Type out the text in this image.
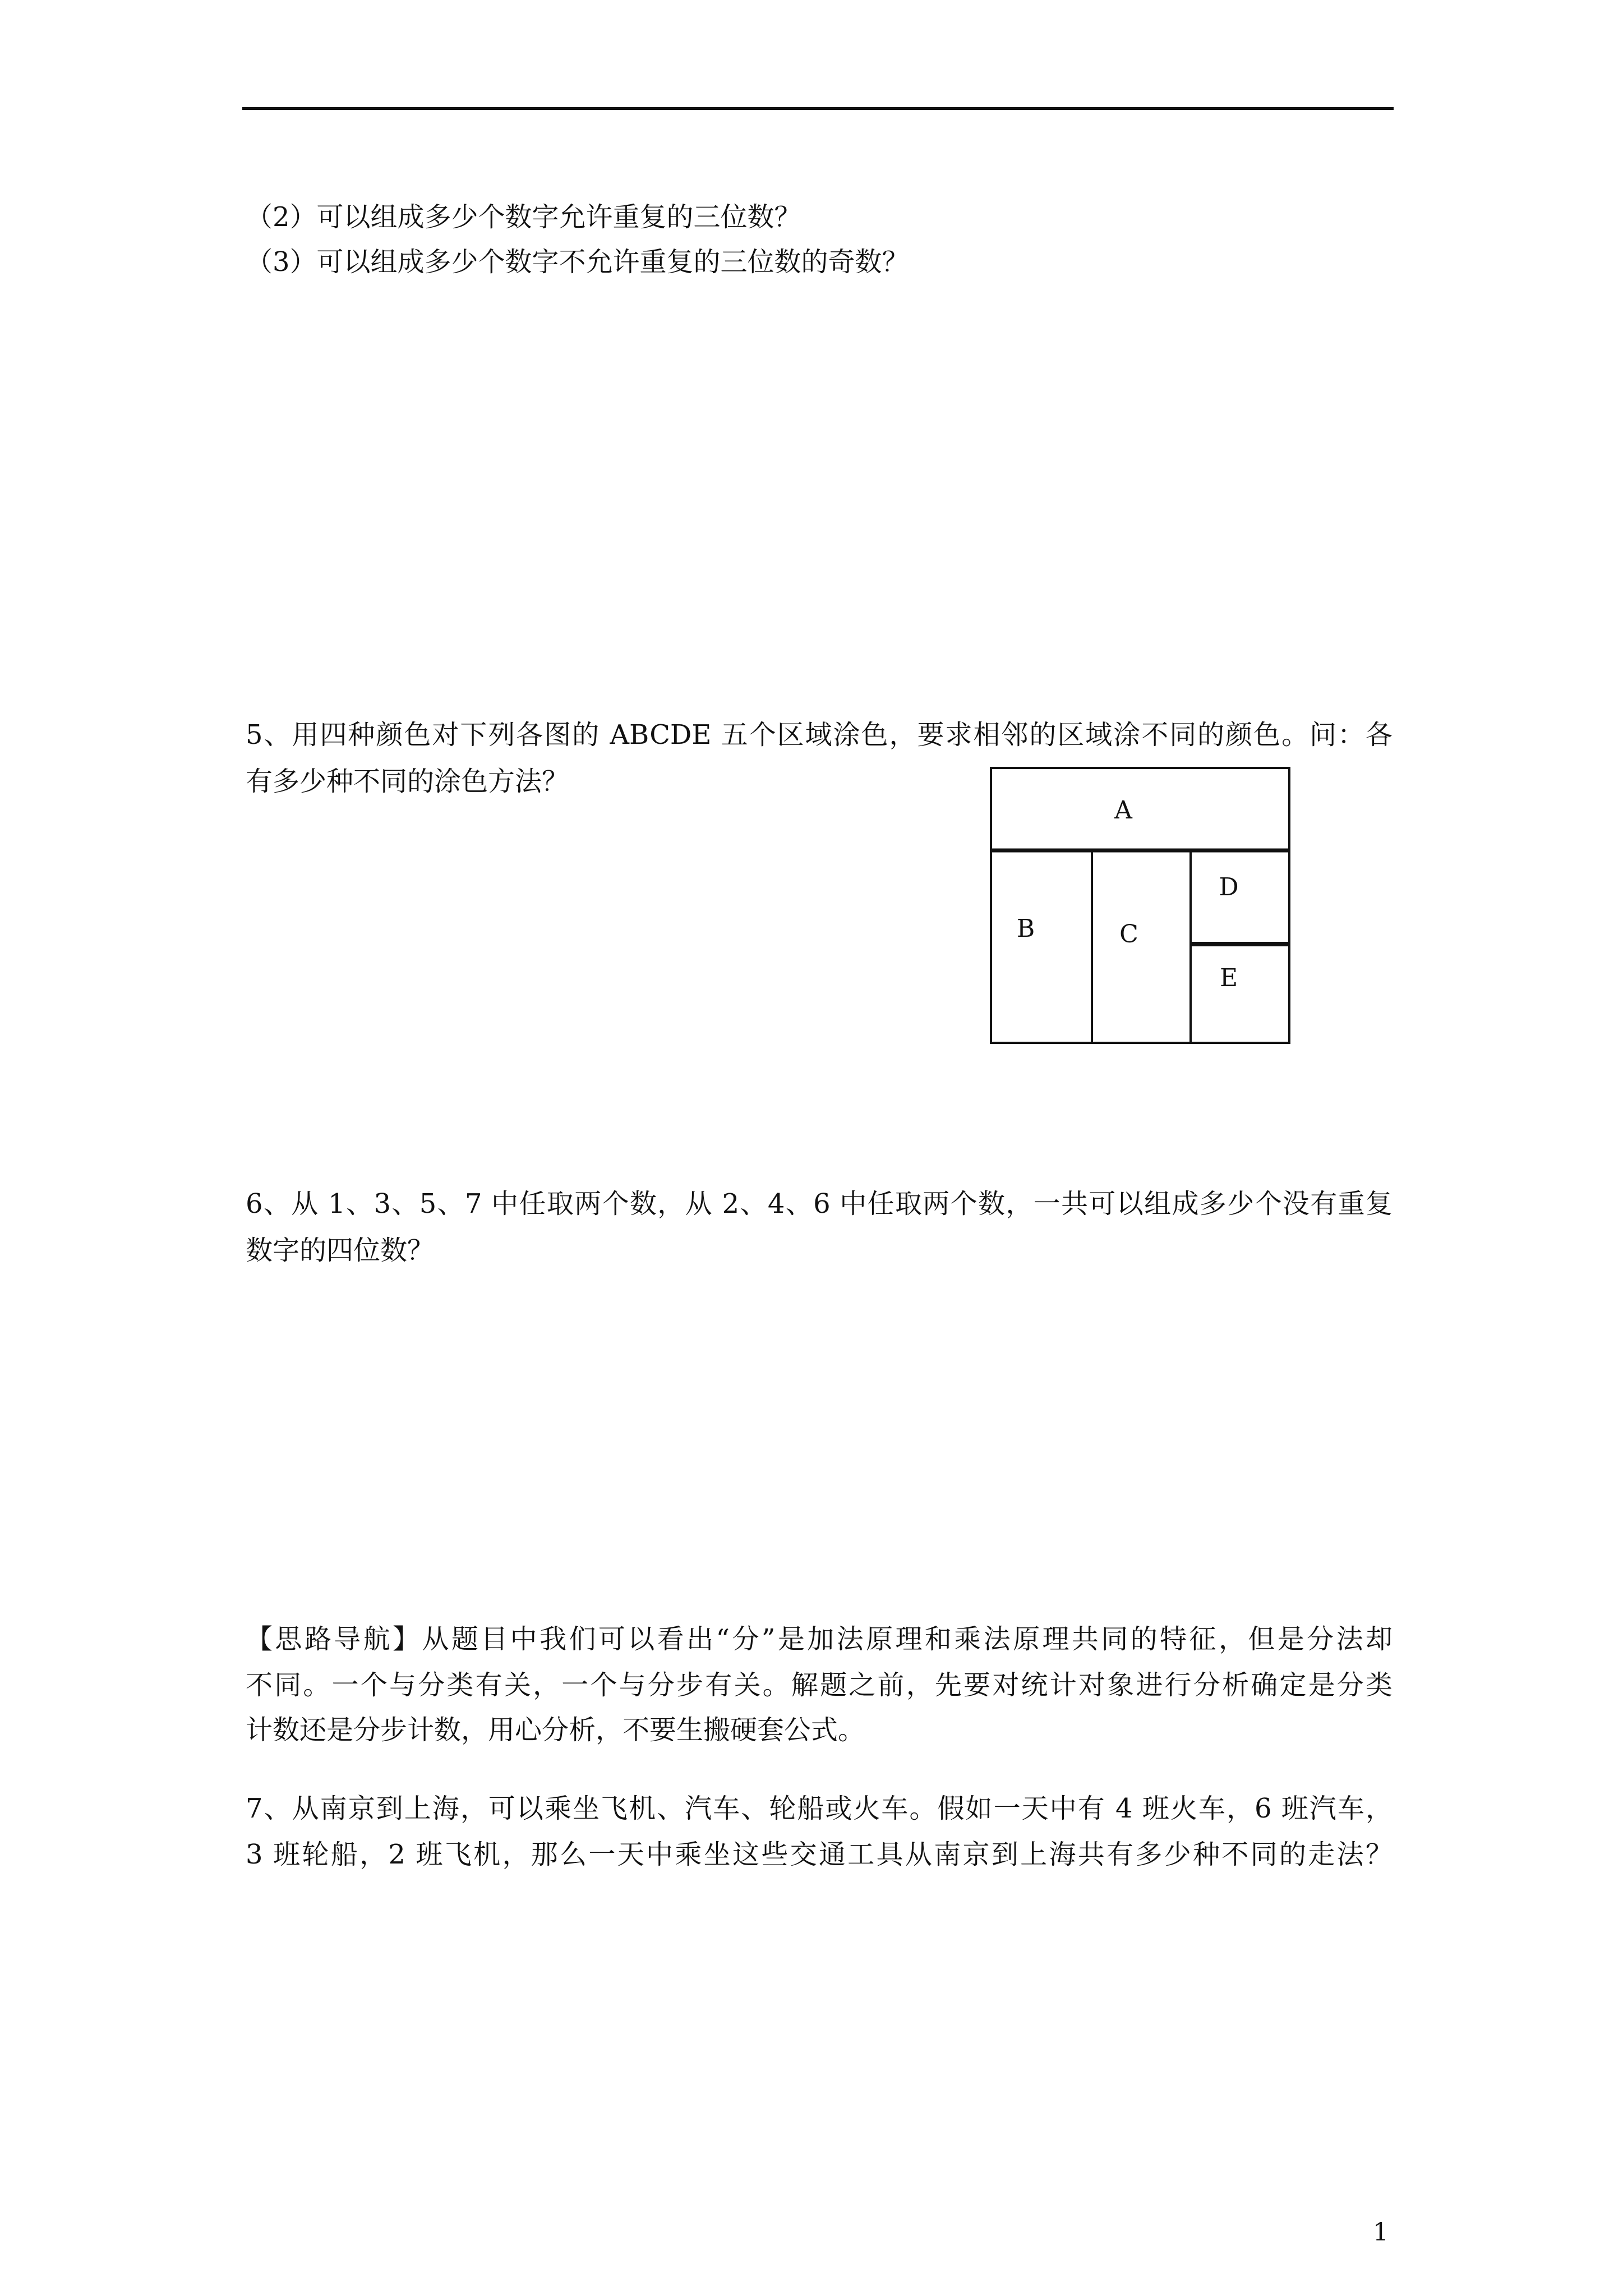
（2）可以组成多少个数字允许重复的三位数？

（3）可以组成多少个数字不允许重复的三位数的奇数？

5、用四种颜色对下列各图的 ABCDE 五个区域涂色，要求相邻的区域涂不同的颜色。问：各

有多少种不同的涂色方法？

A
B	C
D
E

6、从 1、3、5、7 中任取两个数，从 2、4、6 中任取两个数，一共可以组成多少个没有重复

数字的四位数？

【思路导航】从题目中我们可以看出“分”是加法原理和乘法原理共同的特征，但是分法却

不同。一个与分类有关，一个与分步有关。解题之前，先要对统计对象进行分析确定是分类

计数还是分步计数，用心分析，不要生搬硬套公式。

7、从南京到上海，可以乘坐飞机、汽车、轮船或火车。假如一天中有 4 班火车，6 班汽车，

3 班轮船，2 班飞机，那么一天中乘坐这些交通工具从南京到上海共有多少种不同的走法？

1
